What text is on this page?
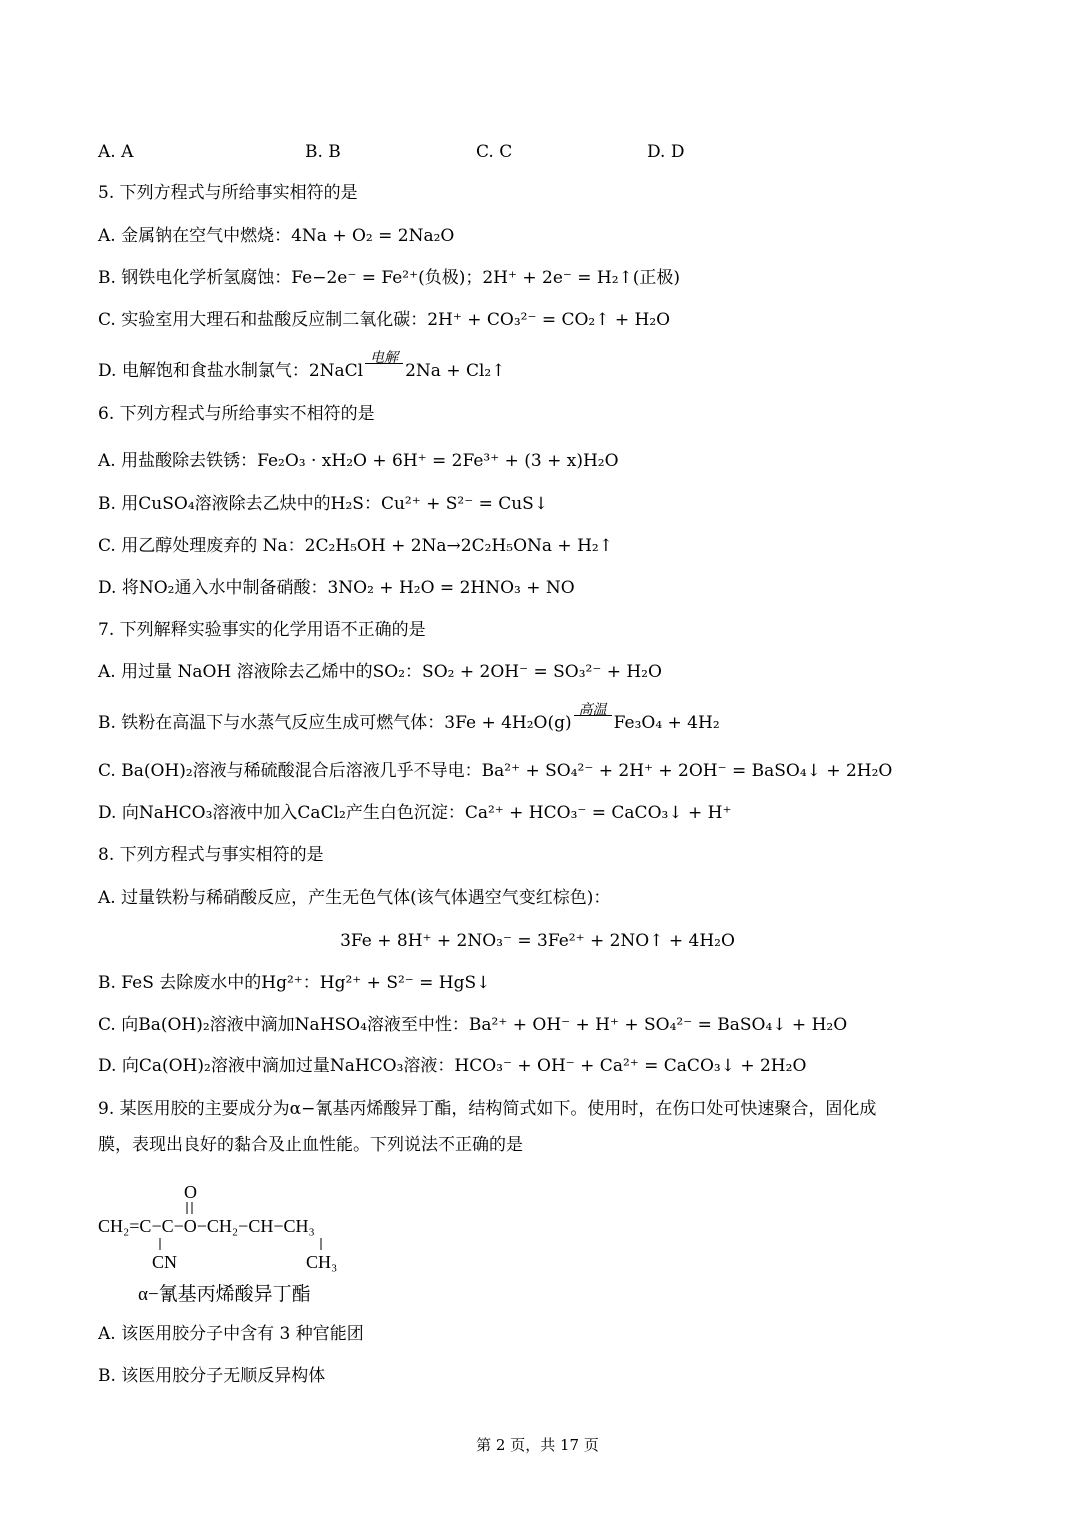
A. A	B. B	C. C	D. D
5. 下列方程式与所给事实相符的是
A. 金属钠在空气中燃烧：4Na + O₂ = 2Na₂O
B. 钢铁电化学析氢腐蚀：Fe−2e⁻ = Fe²⁺(负极)；2H⁺ + 2e⁻ = H₂↑(正极)
C. 实验室用大理石和盐酸反应制二氧化碳：2H⁺ + CO₃²⁻ = CO₂↑ + H₂O
D. 电解饱和食盐水制氯气：2NaCl
电解
2Na + Cl₂↑
6. 下列方程式与所给事实不相符的是
A. 用盐酸除去铁锈：Fe₂O₃ · xH₂O + 6H⁺ = 2Fe³⁺ + (3 + x)H₂O
B. 用CuSO₄溶液除去乙炔中的H₂S：Cu²⁺ + S²⁻ = CuS↓
C. 用乙醇处理废弃的 Na：2C₂H₅OH + 2Na→2C₂H₅ONa + H₂↑
D. 将NO₂通入水中制备硝酸：3NO₂ + H₂O = 2HNO₃ + NO
7. 下列解释实验事实的化学用语不正确的是
A. 用过量 NaOH 溶液除去乙烯中的SO₂：SO₂ + 2OH⁻ = SO₃²⁻ + H₂O
B. 铁粉在高温下与水蒸气反应生成可燃气体：3Fe + 4H₂O(g)
高温
Fe₃O₄ + 4H₂
C. Ba(OH)₂溶液与稀硫酸混合后溶液几乎不导电：Ba²⁺ + SO₄²⁻ + 2H⁺ + 2OH⁻ = BaSO₄↓ + 2H₂O
D. 向NaHCO₃溶液中加入CaCl₂产生白色沉淀：Ca²⁺ + HCO₃⁻ = CaCO₃↓ + H⁺
8. 下列方程式与事实相符的是
A. 过量铁粉与稀硝酸反应，产生无色气体(该气体遇空气变红棕色)：
3Fe + 8H⁺ + 2NO₃⁻ = 3Fe²⁺ + 2NO↑ + 4H₂O
B. FeS 去除废水中的Hg²⁺：Hg²⁺ + S²⁻ = HgS↓
C. 向Ba(OH)₂溶液中滴加NaHSO₄溶液至中性：Ba²⁺ + OH⁻ + H⁺ + SO₄²⁻ = BaSO₄↓ + H₂O
D. 向Ca(OH)₂溶液中滴加过量NaHCO₃溶液：HCO₃⁻ + OH⁻ + Ca²⁺ = CaCO₃↓ + 2H₂O
9. 某医用胶的主要成分为α−氰基丙烯酸异丁酯，结构简式如下。使用时，在伤口处可快速聚合，固化成
膜，表现出良好的黏合及止血性能。下列说法不正确的是
O
CH₂=C−C−O−CH₂−CH−CH₃
CN	CH₃
α−氰基丙烯酸异丁酯
A. 该医用胶分子中含有 3 种官能团
B. 该医用胶分子无顺反异构体
第 2 页，共 17 页
